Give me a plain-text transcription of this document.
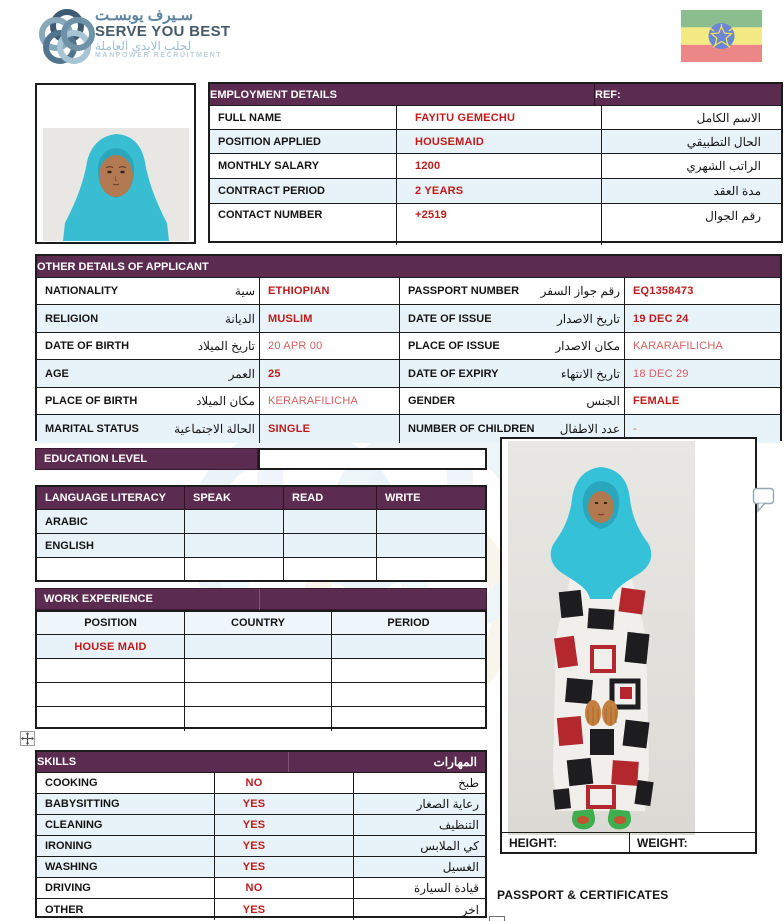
سـيرف يوبسـت
SERVE YOU BEST
لجلب الايدي العاملة
MANPOWER RECRUITMENT
EMPLOYMENT DETAILS	REF:
FULL NAME	FAYITU GEMECHU	الاسم الكامل
POSITION APPLIED	HOUSEMAID	الحال التطبيقي
MONTHLY SALARY	1200	الراتب الشهري
CONTRACT PERIOD	2 YEARS	مدة العقد
CONTACT NUMBER	+2519	رقم الجوال
OTHER DETAILS OF APPLICANT
NATIONALITY	سية	ETHIOPIAN	PASSPORT NUMBER رقم جواز السفر	EQ1358473
RELIGION	الديانة	MUSLIM	DATE OF ISSUE	تاريخ الاصدار	19 DEC 24
DATE OF BIRTH	تاريخ الميلاد	20 APR 00	PLACE OF ISSUE	مكان الاصدار	KARARAFILICHA
AGE	العمر	25	DATE OF EXPIRY	تاريخ الانتهاء	18 DEC 29
PLACE OF BIRTH	مكان الميلاد	KERARAFILICHA	GENDER	الجنس	FEMALE
MARITAL STATUS	الحالة الاجتماعية	SINGLE	NUMBER OF CHILDREN عدد الاطفال	-
EDUCATION LEVEL
LANGUAGE LITERACY	SPEAK	READ	WRITE
ARABIC
ENGLISH
WORK EXPERIENCE
POSITION	COUNTRY	PERIOD
HOUSE MAID
SKILLS	المهارات
COOKING	NO	طبخ
BABYSITTING	YES	رعاية الصغار
CLEANING	YES	التنظيف
IRONING	YES	كي الملابس
WASHING	YES	الغسيل
DRIVING	NO	قيادة السيارة
OTHER	YES	اخر
HEIGHT:	WEIGHT:
PASSPORT & CERTIFICATES
